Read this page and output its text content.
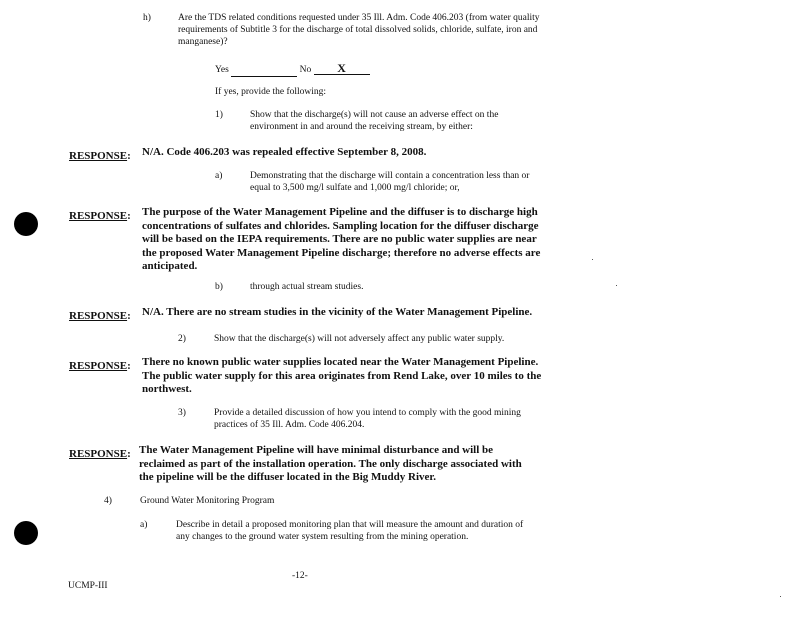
h)	Are the TDS related conditions requested under 35 Ill. Adm. Code 406.203 (from water quality requirements of Subtitle 3 for the discharge of total dissolved solids, chloride, sulfate, iron and manganese)?
Yes	No X
If yes, provide the following:
1)	Show that the discharge(s) will not cause an adverse effect on the environment in and around the receiving stream, by either:
RESPONSE: N/A. Code 406.203 was repealed effective September 8, 2008.
a)	Demonstrating that the discharge will contain a concentration less than or equal to 3,500 mg/l sulfate and 1,000 mg/l chloride; or,
RESPONSE: The purpose of the Water Management Pipeline and the diffuser is to discharge high concentrations of sulfates and chlorides. Sampling location for the diffuser discharge will be based on the IEPA requirements. There are no public water supplies are near the proposed Water Management Pipeline discharge; therefore no adverse effects are anticipated.
b)	through actual stream studies.
RESPONSE: N/A. There are no stream studies in the vicinity of the Water Management Pipeline.
2)	Show that the discharge(s) will not adversely affect any public water supply.
RESPONSE: There no known public water supplies located near the Water Management Pipeline. The public water supply for this area originates from Rend Lake, over 10 miles to the northwest.
3)	Provide a detailed discussion of how you intend to comply with the good mining practices of 35 Ill. Adm. Code 406.204.
RESPONSE: The Water Management Pipeline will have minimal disturbance and will be reclaimed as part of the installation operation. The only discharge associated with the pipeline will be the diffuser located in the Big Muddy River.
4)	Ground Water Monitoring Program
a)	Describe in detail a proposed monitoring plan that will measure the amount and duration of any changes to the ground water system resulting from the mining operation.
-12-
UCMP-III
